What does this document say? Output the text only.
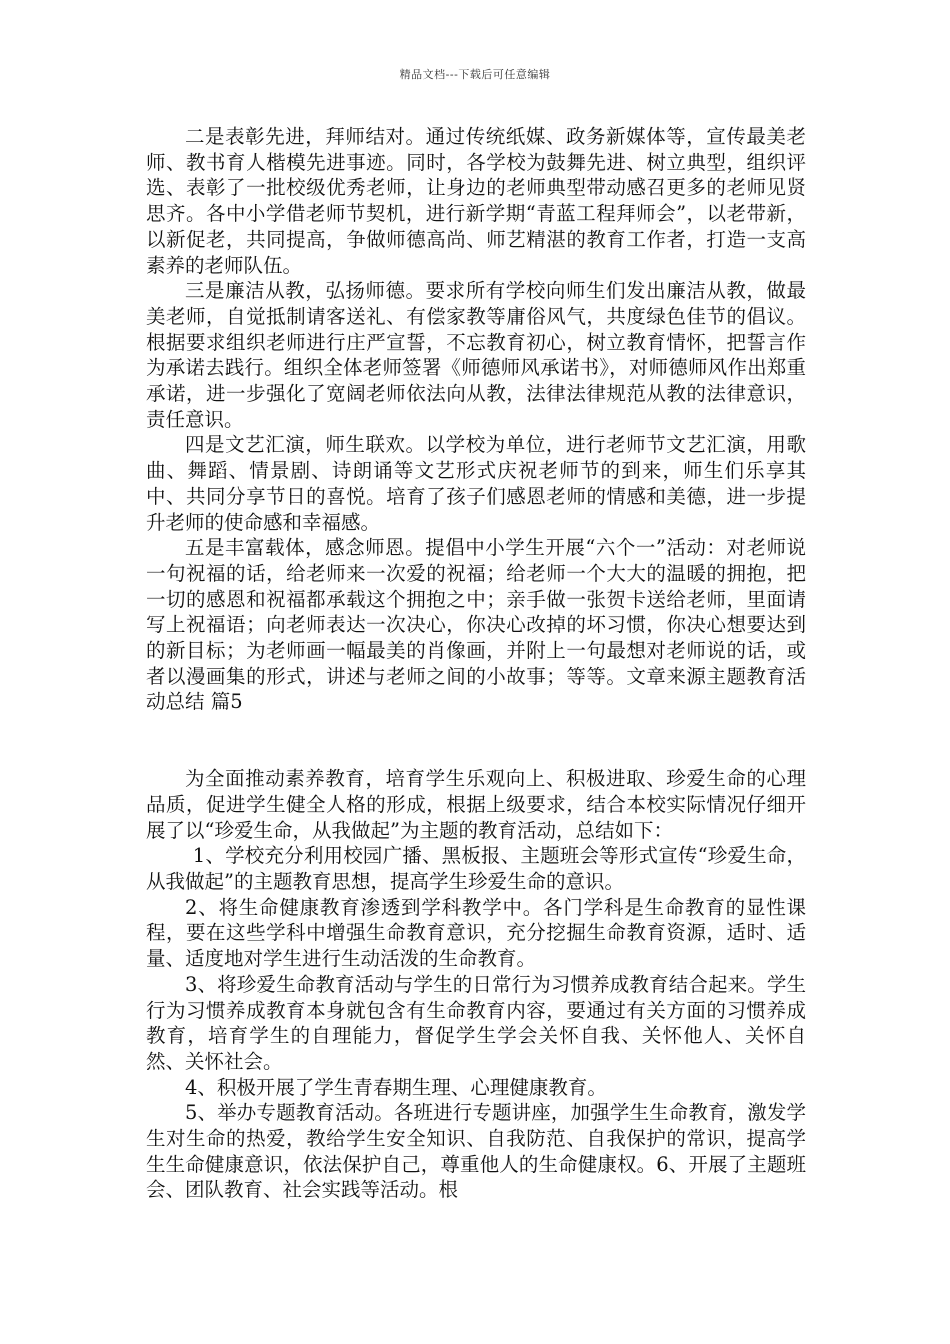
精品文档---下载后可任意编辑

二是表彰先进，拜师结对。通过传统纸媒、政务新媒体等，宣传最美老师、教书育人楷模先进事迹。同时，各学校为鼓舞先进、树立典型，组织评选、表彰了一批校级优秀老师，让身边的老师典型带动感召更多的老师见贤思齐。各中小学借老师节契机，进行新学期“青蓝工程拜师会”，以老带新，以新促老，共同提高，争做师德高尚、师艺精湛的教育工作者，打造一支高素养的老师队伍。

三是廉洁从教，弘扬师德。要求所有学校向师生们发出廉洁从教，做最美老师，自觉抵制请客送礼、有偿家教等庸俗风气，共度绿色佳节的倡议。根据要求组织老师进行庄严宣誓，不忘教育初心，树立教育情怀，把誓言作为承诺去践行。组织全体老师签署《师德师风承诺书》，对师德师风作出郑重承诺，进一步强化了宽阔老师依法向从教，法律法律规范从教的法律意识，责任意识。

四是文艺汇演，师生联欢。以学校为单位，进行老师节文艺汇演，用歌曲、舞蹈、情景剧、诗朗诵等文艺形式庆祝老师节的到来，师生们乐享其中、共同分享节日的喜悦。培育了孩子们感恩老师的情感和美德，进一步提升老师的使命感和幸福感。

五是丰富载体，感念师恩。提倡中小学生开展“六个一”活动：对老师说一句祝福的话，给老师来一次爱的祝福；给老师一个大大的温暖的拥抱，把一切的感恩和祝福都承载这个拥抱之中；亲手做一张贺卡送给老师，里面请写上祝福语；向老师表达一次决心，你决心改掉的坏习惯，你决心想要达到的新目标；为老师画一幅最美的肖像画，并附上一句最想对老师说的话，或者以漫画集的形式，讲述与老师之间的小故事；等等。文章来源主题教育活动总结 篇5

为全面推动素养教育，培育学生乐观向上、积极进取、珍爱生命的心理品质，促进学生健全人格的形成，根据上级要求，结合本校实际情况仔细开展了以“珍爱生命，从我做起”为主题的教育活动，总结如下：

1、学校充分利用校园广播、黑板报、主题班会等形式宣传“珍爱生命，从我做起”的主题教育思想，提高学生珍爱生命的意识。

2、将生命健康教育渗透到学科教学中。各门学科是生命教育的显性课程，要在这些学科中增强生命教育意识，充分挖掘生命教育资源，适时、适量、适度地对学生进行生动活泼的生命教育。

3、将珍爱生命教育活动与学生的日常行为习惯养成教育结合起来。学生行为习惯养成教育本身就包含有生命教育内容，要通过有关方面的习惯养成教育，培育学生的自理能力，督促学生学会关怀自我、关怀他人、关怀自然、关怀社会。

4、积极开展了学生青春期生理、心理健康教育。

5、举办专题教育活动。各班进行专题讲座，加强学生生命教育，激发学生对生命的热爱，教给学生安全知识、自我防范、自我保护的常识，提高学生生命健康意识，依法保护自己，尊重他人的生命健康权。6、开展了主题班会、团队教育、社会实践等活动。根
